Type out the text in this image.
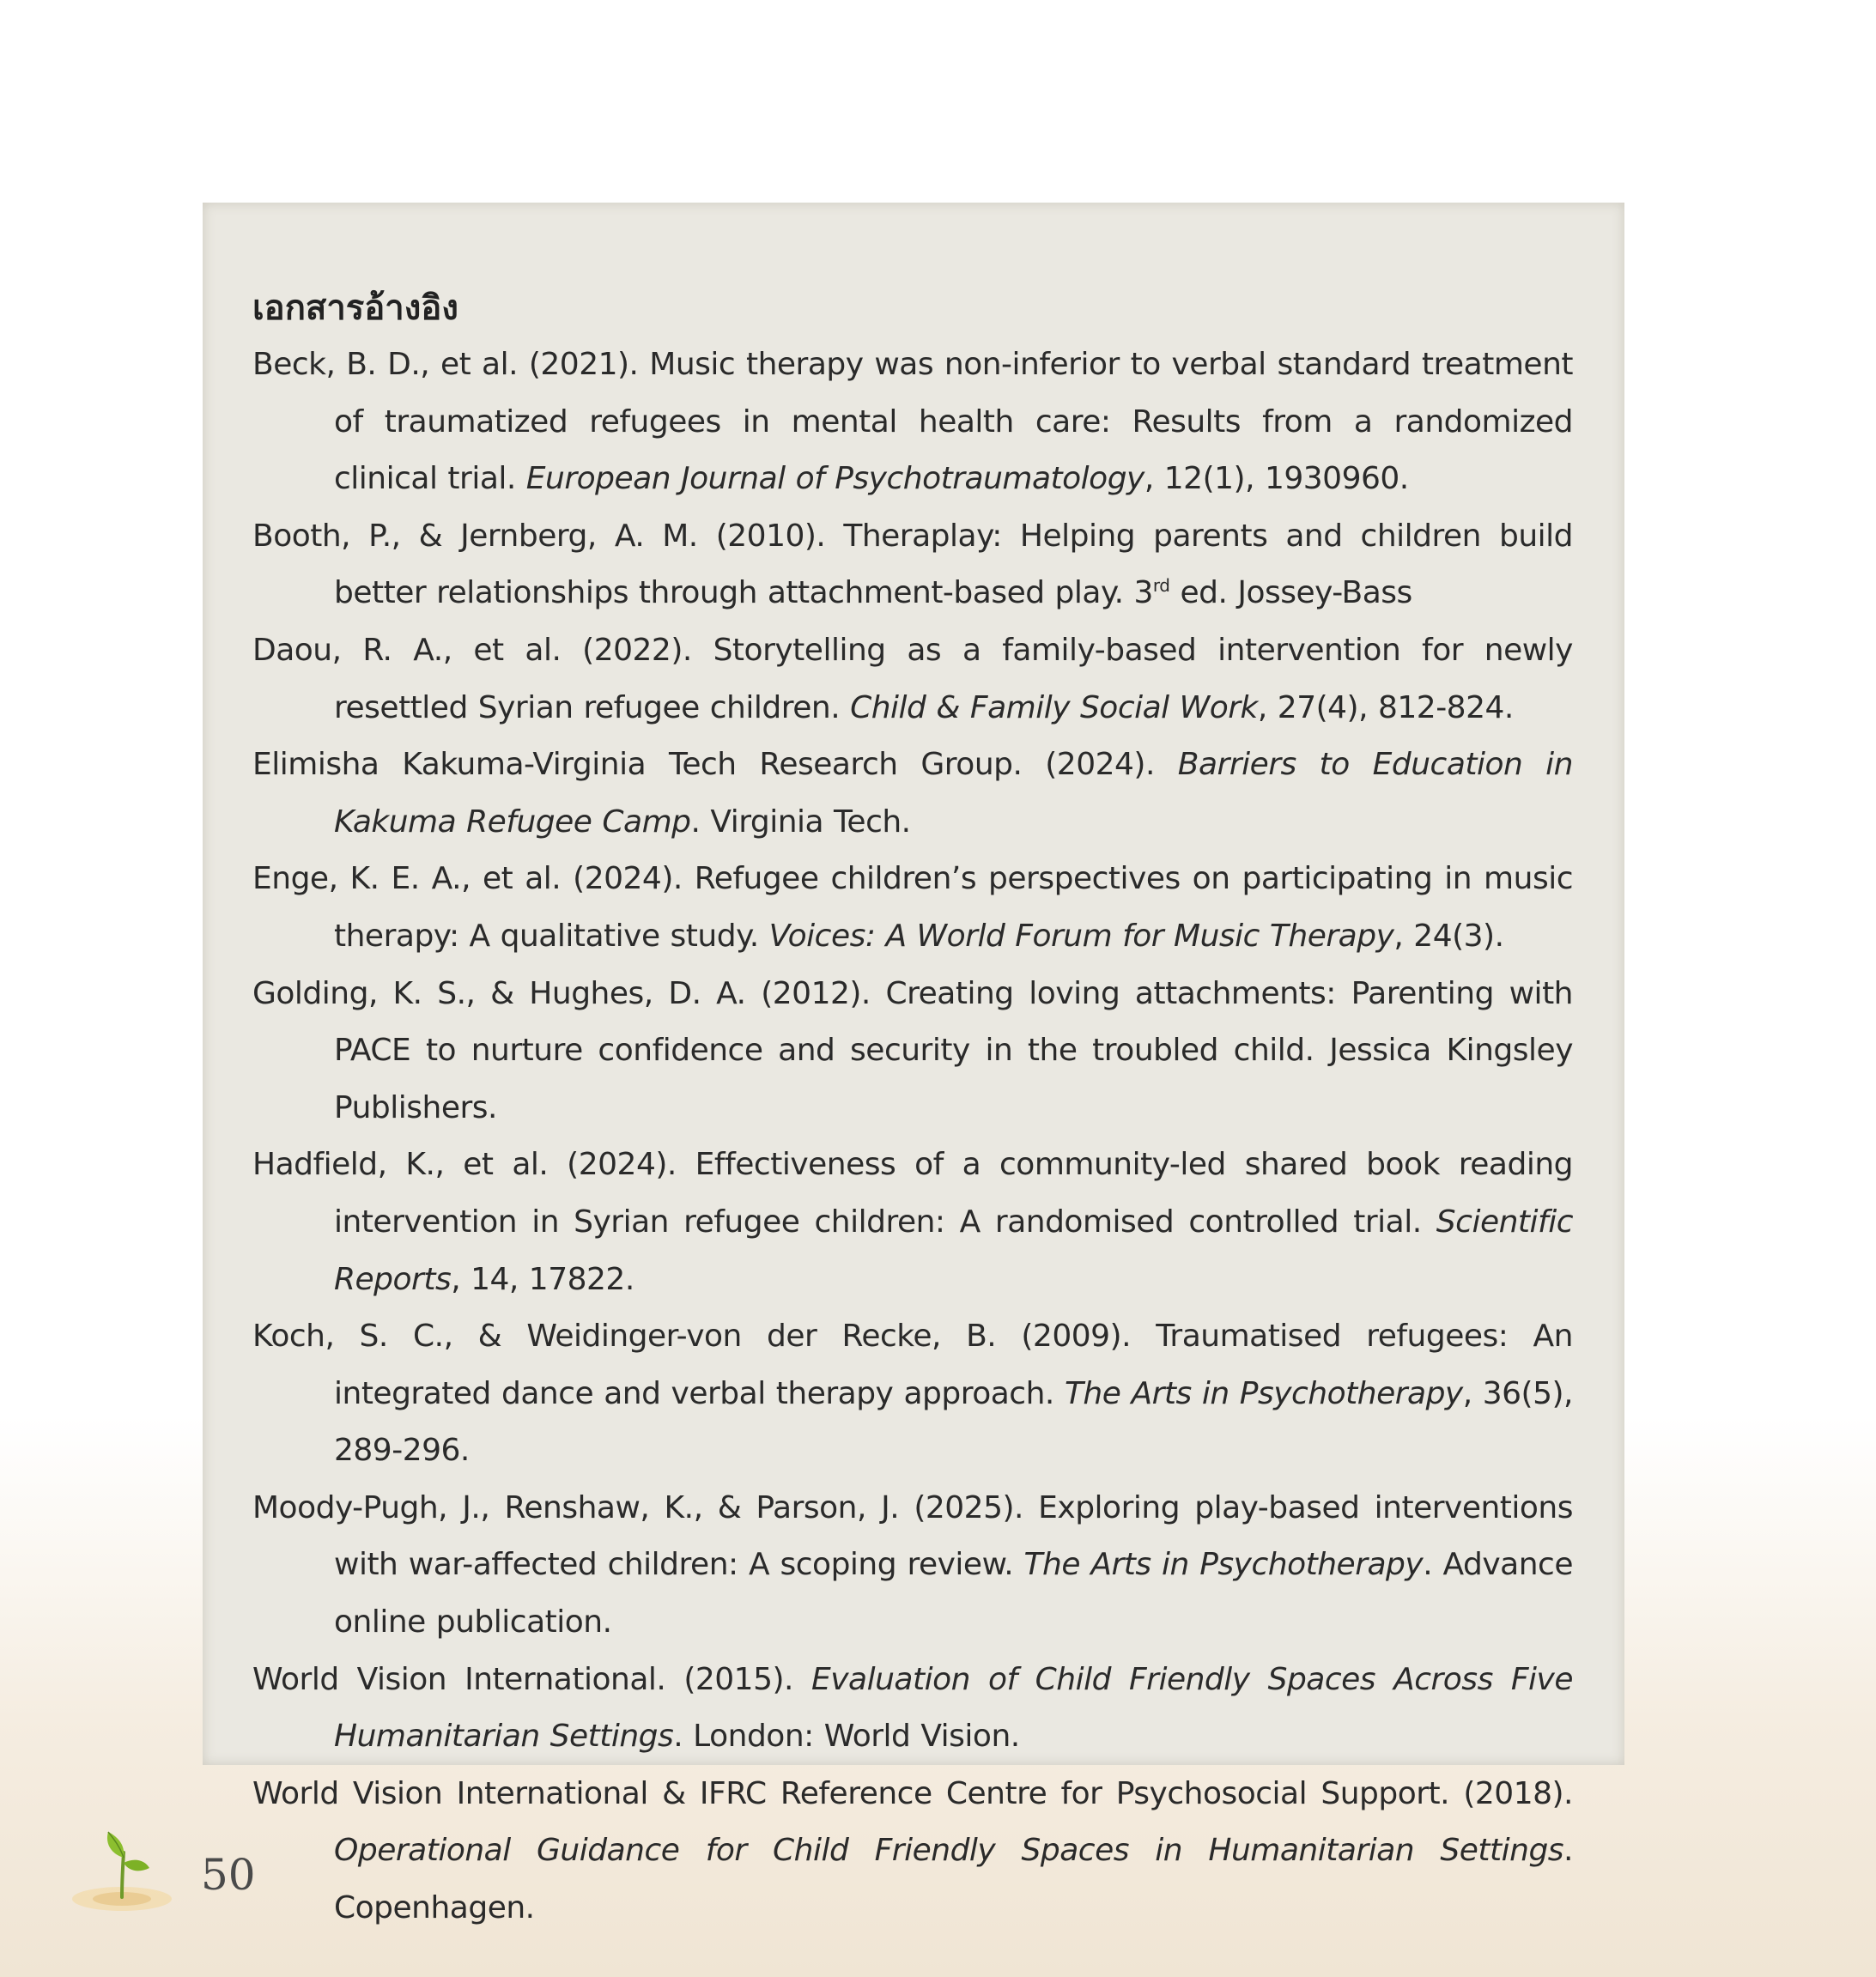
เอกสารอ้างอิง
Beck, B. D., et al. (2021). Music therapy was non-inferior to verbal standard treatment of traumatized refugees in mental health care: Results from a randomized clinical trial. European Journal of Psychotraumatology, 12(1), 1930960.
Booth, P., & Jernberg, A. M. (2010). Theraplay: Helping parents and children build better relationships through attachment-based play. 3rd ed. Jossey-Bass
Daou, R. A., et al. (2022). Storytelling as a family-based intervention for newly resettled Syrian refugee children. Child & Family Social Work, 27(4), 812-824.
Elimisha Kakuma-Virginia Tech Research Group. (2024). Barriers to Education in Kakuma Refugee Camp. Virginia Tech.
Enge, K. E. A., et al. (2024). Refugee children’s perspectives on participating in music therapy: A qualitative study. Voices: A World Forum for Music Therapy, 24(3).
Golding, K. S., & Hughes, D. A. (2012). Creating loving attachments: Parenting with PACE to nurture confidence and security in the troubled child. Jessica Kingsley Publishers.
Hadfield, K., et al. (2024). Effectiveness of a community-led shared book reading intervention in Syrian refugee children: A randomised controlled trial. Scientific Reports, 14, 17822.
Koch, S. C., & Weidinger-von der Recke, B. (2009). Traumatised refugees: An integrated dance and verbal therapy approach. The Arts in Psychotherapy, 36(5), 289-296.
Moody-Pugh, J., Renshaw, K., & Parson, J. (2025). Exploring play-based interventions with war-affected children: A scoping review. The Arts in Psychotherapy. Advance online publication.
World Vision International. (2015). Evaluation of Child Friendly Spaces Across Five Humanitarian Settings. London: World Vision.
World Vision International & IFRC Reference Centre for Psychosocial Support. (2018). Operational Guidance for Child Friendly Spaces in Humanitarian Settings. Copenhagen.
50
